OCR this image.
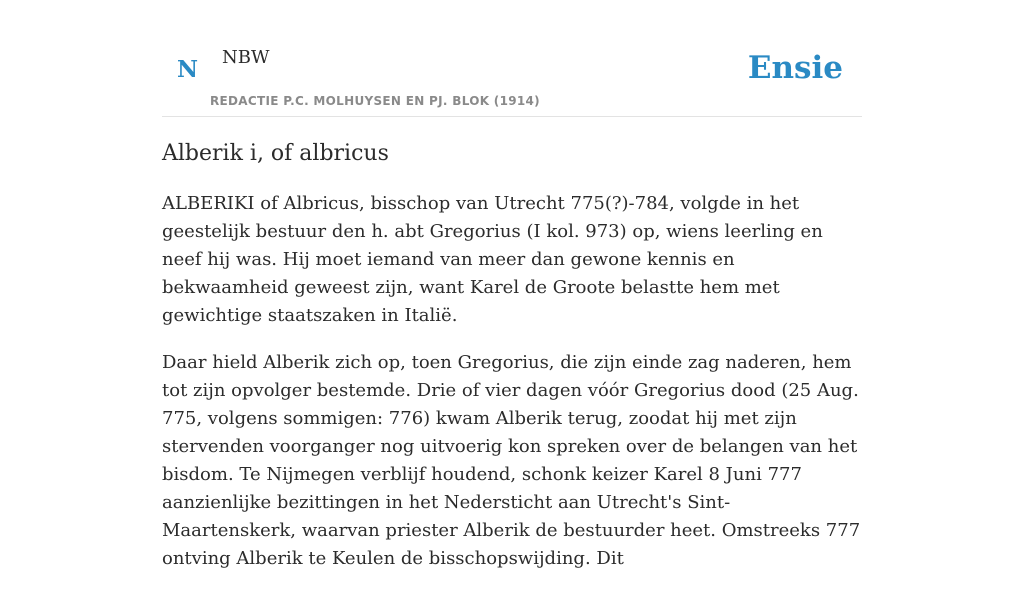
N NBW
REDACTIE P.C. MOLHUYSEN EN PJ. BLOK (1914)
Ensie
Alberik i, of albricus

ALBERIKI of Albricus, bisschop van Utrecht 775(?)-784, volgde in het geestelijk bestuur den h. abt Gregorius (I kol. 973) op, wiens leerling en neef hij was. Hij moet iemand van meer dan gewone kennis en bekwaamheid geweest zijn, want Karel de Groote belastte hem met gewichtige staatszaken in Italië.

Daar hield Alberik zich op, toen Gregorius, die zijn einde zag naderen, hem tot zijn opvolger bestemde. Drie of vier dagen vóór Gregorius dood (25 Aug. 775, volgens sommigen: 776) kwam Alberik terug, zoodat hij met zijn stervenden voorganger nog uitvoerig kon spreken over de belangen van het bisdom. Te Nijmegen verblijf houdend, schonk keizer Karel 8 Juni 777 aanzienlijke bezittingen in het Nedersticht aan Utrecht's Sint-Maartenskerk, waarvan priester Alberik de bestuurder heet. Omstreeks 777 ontving Alberik te Keulen de bisschopswijding. Dit
